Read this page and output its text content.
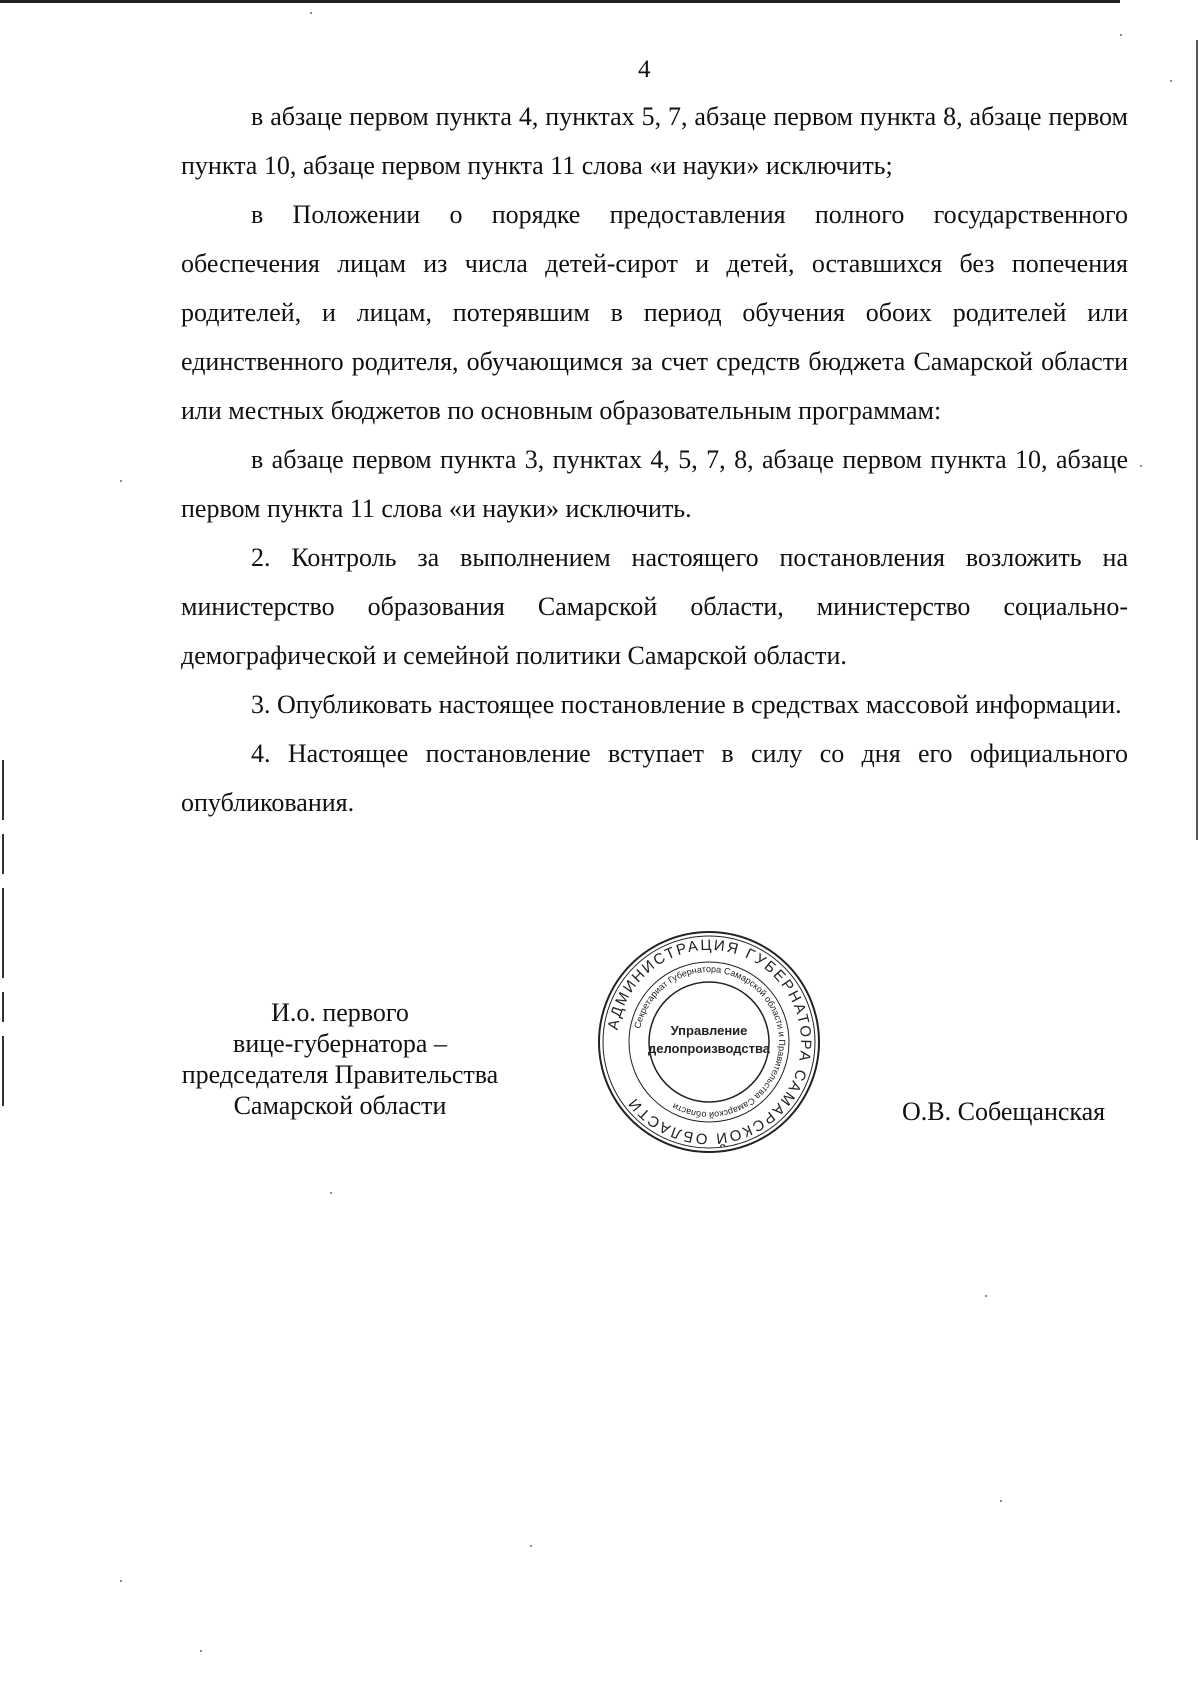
4

в абзаце первом пункта 4, пунктах 5, 7, абзаце первом пункта 8, абзаце первом пункта 10, абзаце первом пункта 11 слова «и науки» исключить;

в Положении о порядке предоставления полного государственного обеспечения лицам из числа детей-сирот и детей, оставшихся без попечения родителей, и лицам, потерявшим в период обучения обоих родителей или единственного родителя, обучающимся за счет средств бюджета Самарской области или местных бюджетов по основным образовательным программам:

в абзаце первом пункта 3, пунктах 4, 5, 7, 8, абзаце первом пункта 10, абзаце первом пункта 11 слова «и науки» исключить.

2. Контроль за выполнением настоящего постановления возложить на министерство образования Самарской области, министерство социально-демографической и семейной политики Самарской области.

3. Опубликовать настоящее постановление в средствах массовой информации.

4. Настоящее постановление вступает в силу со дня его официального опубликования.

И.о. первого
вице-губернатора –
председателя Правительства
Самарской области
АДМИНИСТРАЦИЯ ГУБЕРНАТОРА САМАРСКОЙ ОБЛАСТИ
Секретариат Губернатора Самарской области и Правительства Самарской области
Управление
делопроизводства
О.В. Собещанская
